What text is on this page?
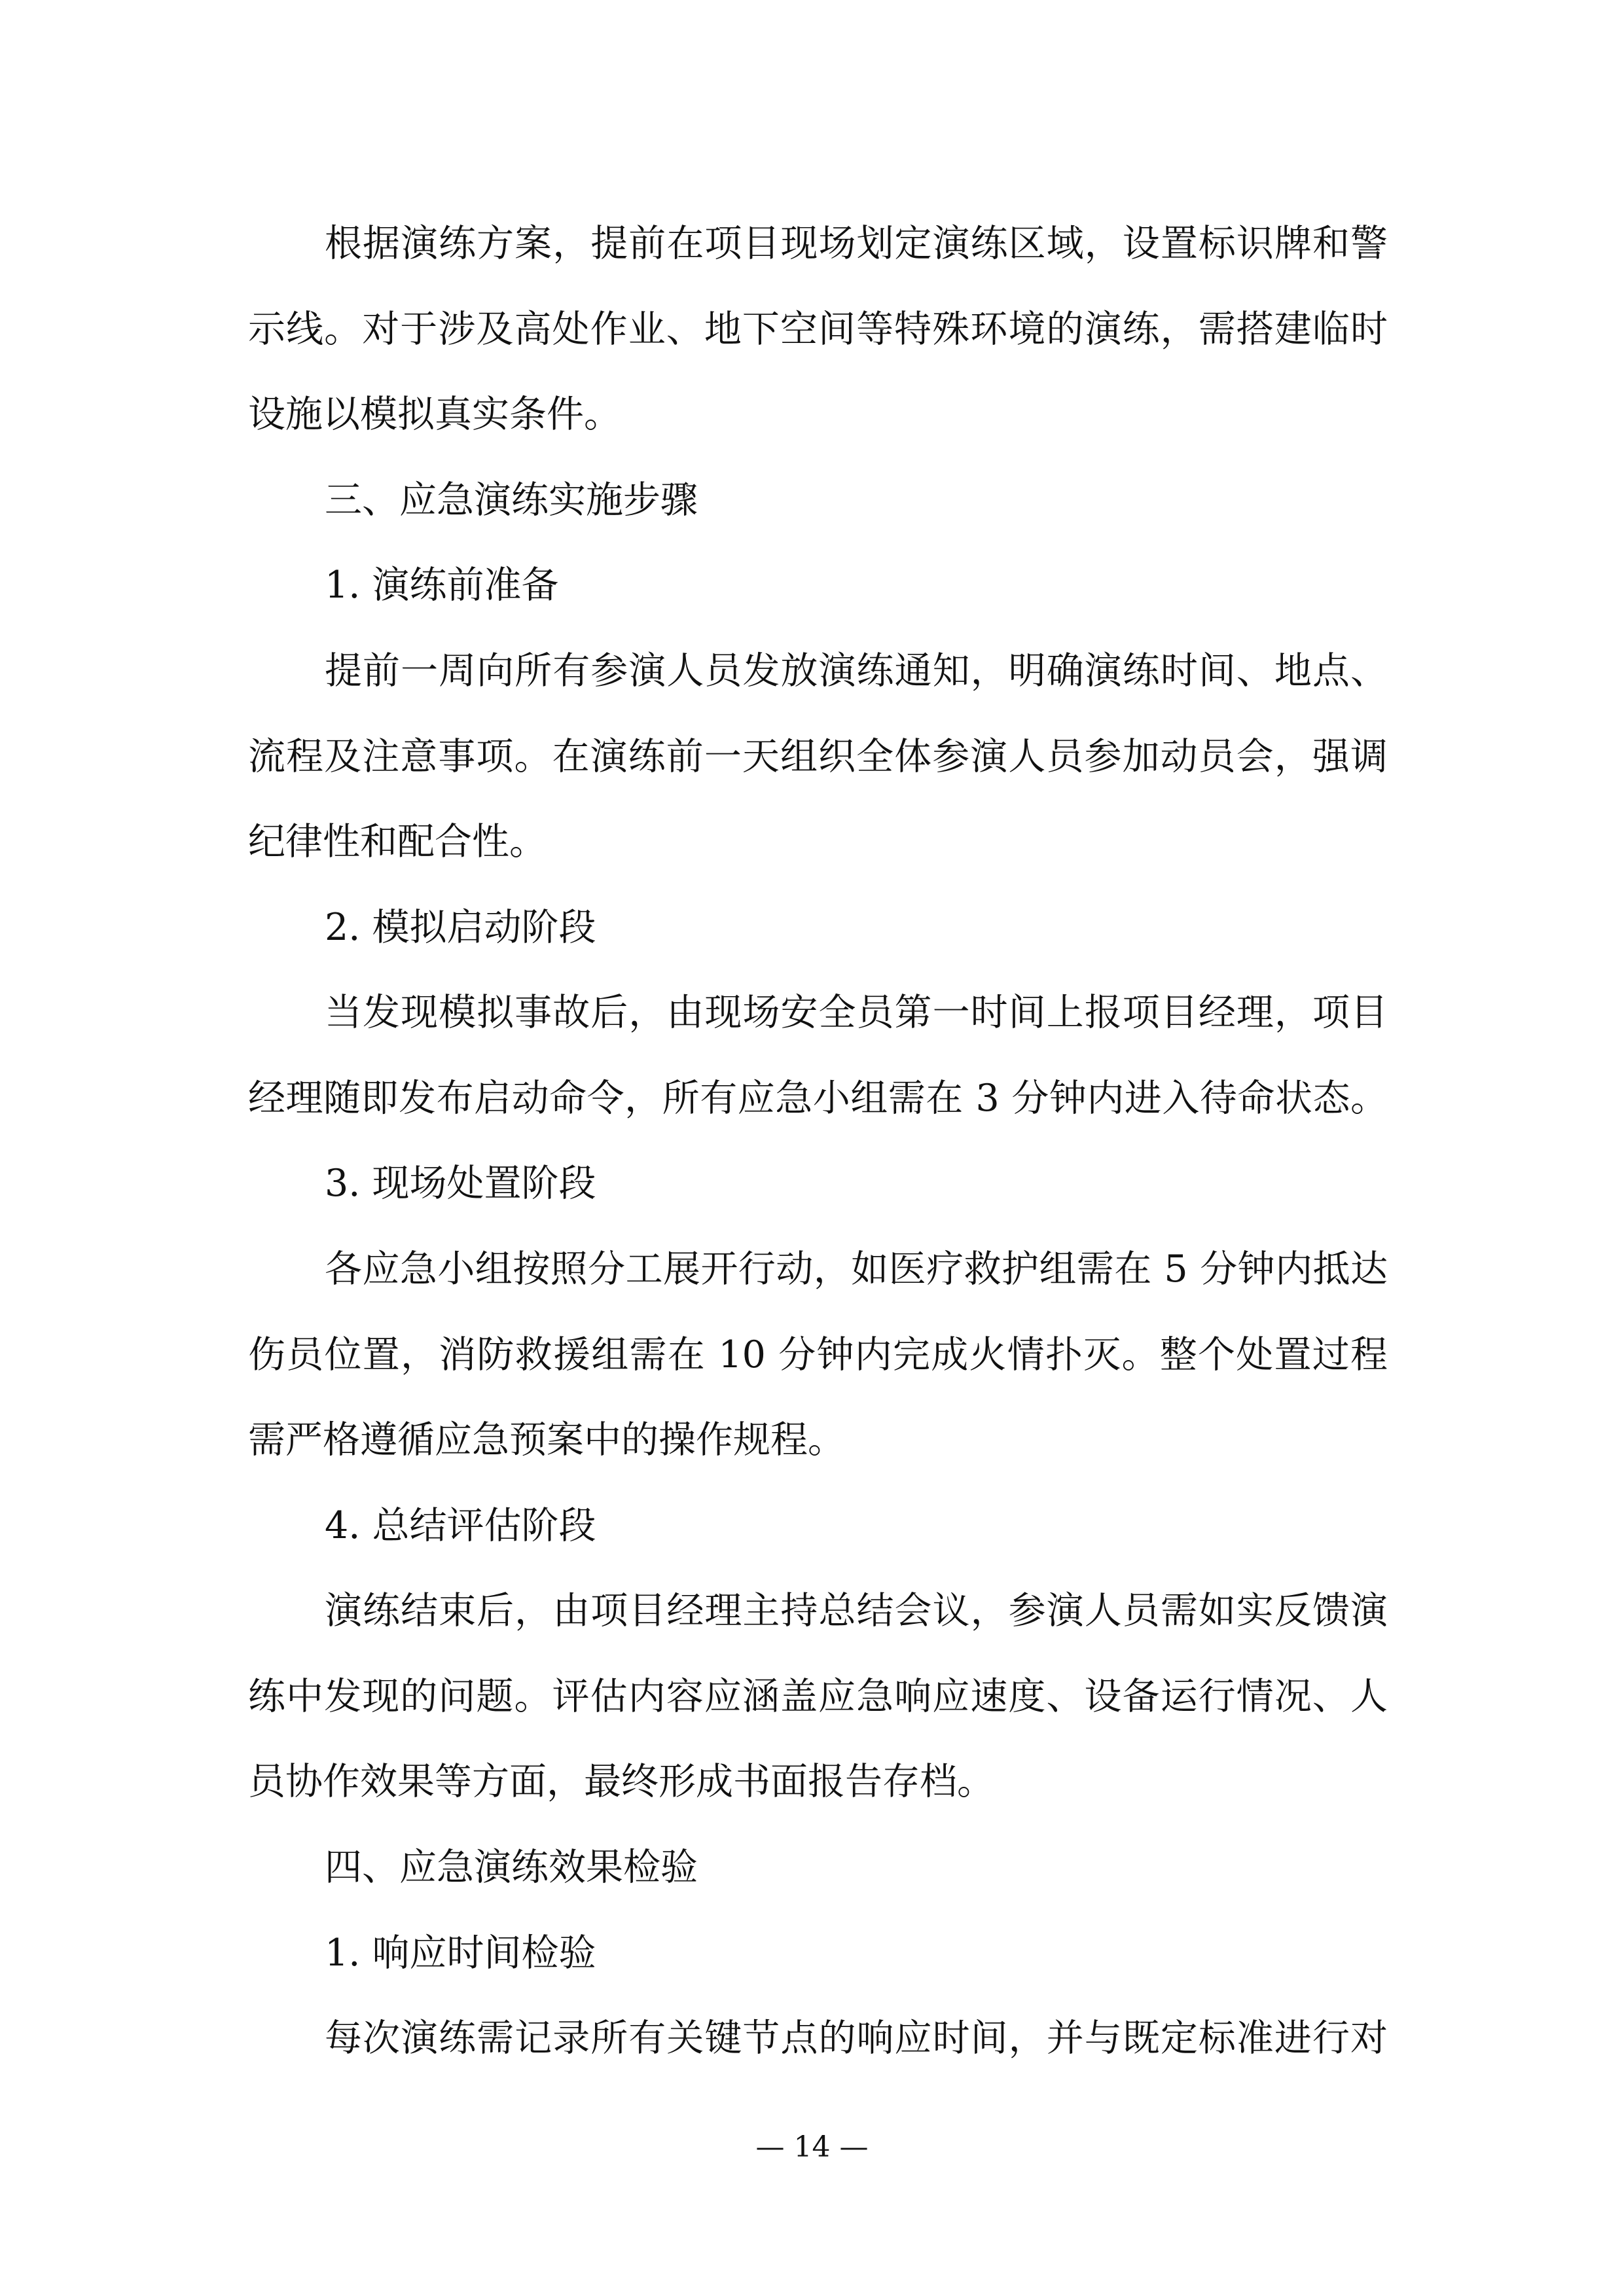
根据演练方案，提前在项目现场划定演练区域，设置标识牌和警
示线。对于涉及高处作业、地下空间等特殊环境的演练，需搭建临时
设施以模拟真实条件。
三、应急演练实施步骤
1. 演练前准备
提前一周向所有参演人员发放演练通知，明确演练时间、地点、
流程及注意事项。在演练前一天组织全体参演人员参加动员会，强调
纪律性和配合性。
2. 模拟启动阶段
当发现模拟事故后，由现场安全员第一时间上报项目经理，项目
经理随即发布启动命令，所有应急小组需在 3 分钟内进入待命状态。
3. 现场处置阶段
各应急小组按照分工展开行动，如医疗救护组需在 5 分钟内抵达
伤员位置，消防救援组需在 10 分钟内完成火情扑灭。整个处置过程
需严格遵循应急预案中的操作规程。
4. 总结评估阶段
演练结束后，由项目经理主持总结会议，参演人员需如实反馈演
练中发现的问题。评估内容应涵盖应急响应速度、设备运行情况、人
员协作效果等方面，最终形成书面报告存档。
四、应急演练效果检验
1. 响应时间检验
每次演练需记录所有关键节点的响应时间，并与既定标准进行对
— 14 —
